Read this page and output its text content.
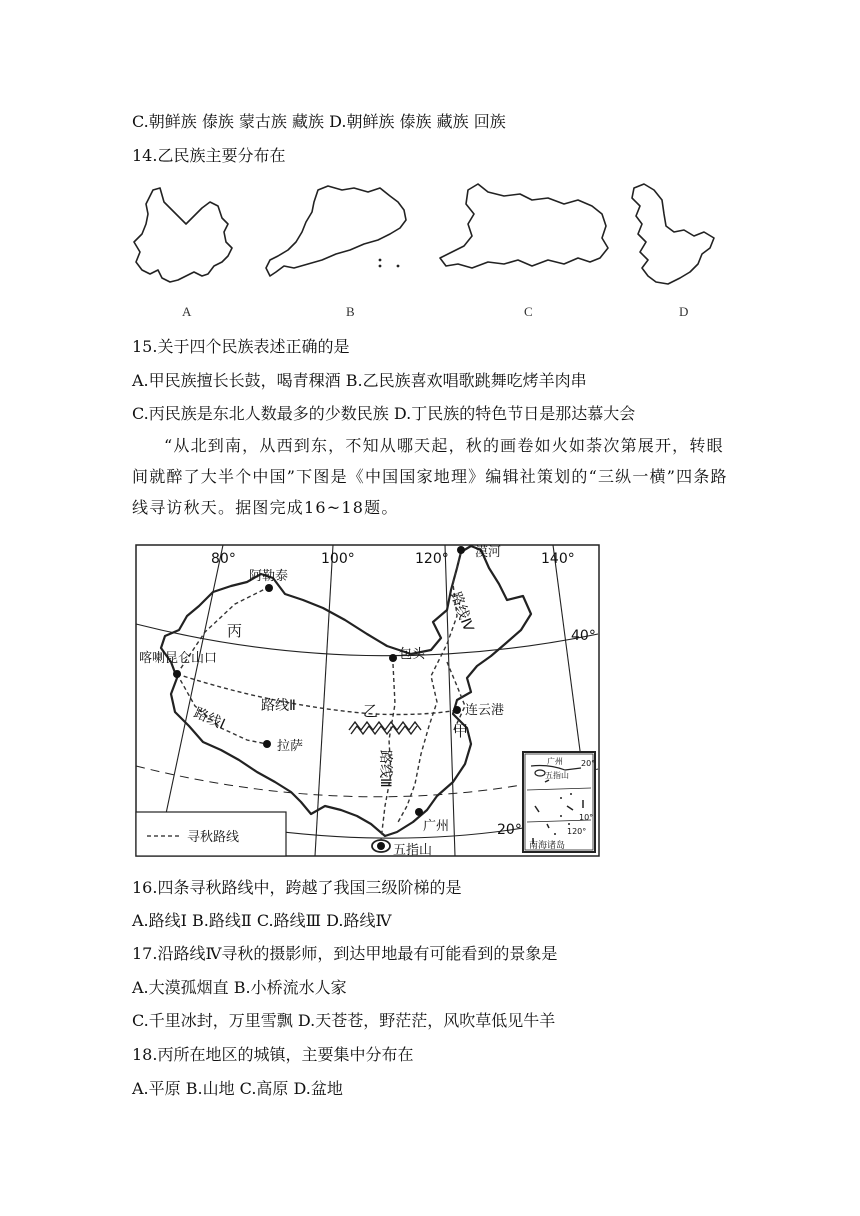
C.朝鲜族 傣族 蒙古族 藏族 D.朝鲜族 傣族 藏族 回族
14.乙民族主要分布在
A	B	C	D
15.关于四个民族表述正确的是
A.甲民族擅长长鼓，喝青稞酒 B.乙民族喜欢唱歌跳舞吃烤羊肉串
C.丙民族是东北人数最多的少数民族 D.丁民族的特色节日是那达慕大会
“从北到南，从西到东，不知从哪天起，秋的画卷如火如荼次第展开，转眼间就醉了大半个中国”下图是《中国国家地理》编辑社策划的“三纵一横”四条路线寻访秋天。据图完成16~18题。
80°	100°	120°	140°
40°
20°
漠河
阿勒泰
喀喇昆仑山口	包头
连云港
拉萨
广州
五指山
丙
乙
甲
路线Ⅰ 路线Ⅱ
路线Ⅲ
路线Ⅳ
寻秋路线
广州
五指山
20°
10°
120°
南海诸岛
16.四条寻秋路线中，跨越了我国三级阶梯的是
A.路线Ⅰ B.路线Ⅱ C.路线Ⅲ D.路线Ⅳ
17.沿路线Ⅳ寻秋的摄影师，到达甲地最有可能看到的景象是
A.大漠孤烟直 B.小桥流水人家
C.千里冰封，万里雪飘 D.天苍苍，野茫茫，风吹草低见牛羊
18.丙所在地区的城镇，主要集中分布在
A.平原 B.山地 C.高原 D.盆地
